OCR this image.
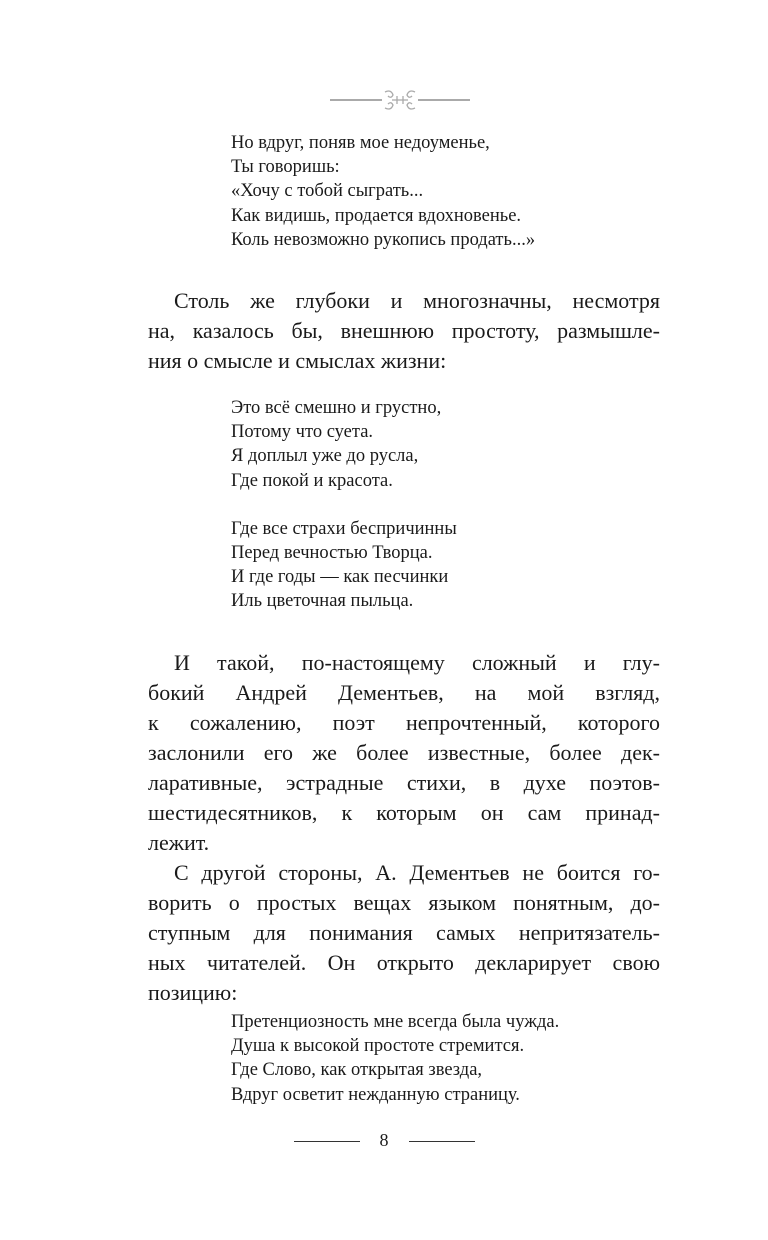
Но вдруг, поняв мое недоуменье,
Ты говоришь:
«Хочу с тобой сыграть...
Как видишь, продается вдохновенье.
Коль невозможно рукопись продать...»
Столь же глубоки и многозначны, несмотря
на, казалось бы, внешнюю простоту, размышле-
ния о смысле и смыслах жизни:
Это всё смешно и грустно,
Потому что суета.
Я доплыл уже до русла,
Где покой и красота.
Где все страхи беспричинны
Перед вечностью Творца.
И где годы — как песчинки
Иль цветочная пыльца.
И такой, по-настоящему сложный и глу-
бокий Андрей Дементьев, на мой взгляд,
к сожалению, поэт непрочтенный, которого
заслонили его же более известные, более дек-
ларативные, эстрадные стихи, в духе поэтов-
шестидесятников, к которым он сам принад-
лежит.
С другой стороны, А. Дементьев не боится го-
ворить о простых вещах языком понятным, до-
ступным для понимания самых непритязатель-
ных читателей. Он открыто декларирует свою
позицию:
Претенциозность мне всегда была чужда.
Душа к высокой простоте стремится.
Где Слово, как открытая звезда,
Вдруг осветит нежданную страницу.
8
